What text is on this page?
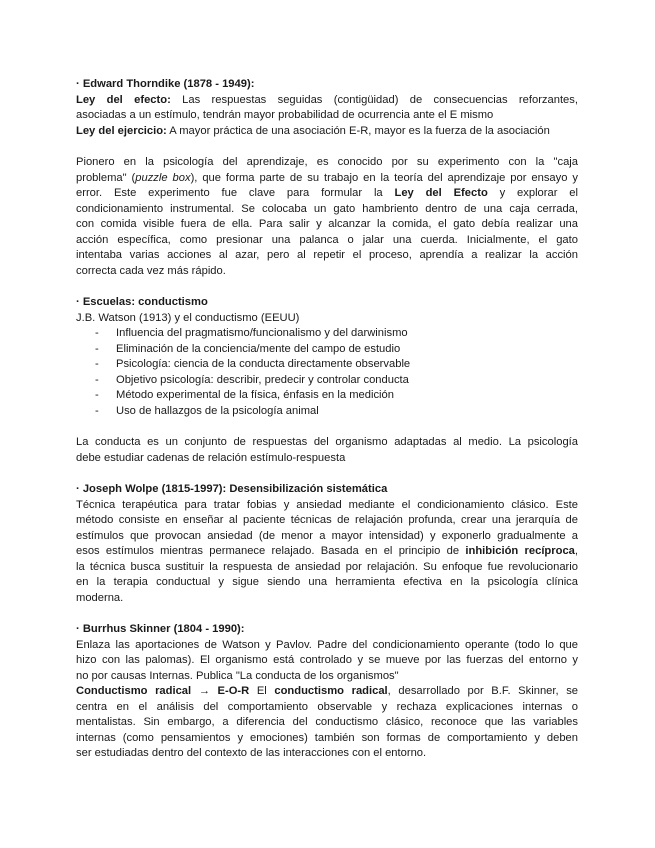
· Edward Thorndike (1878 - 1949):
Ley del efecto: Las respuestas seguidas (contigüidad) de consecuencias reforzantes,
asociadas a un estímulo, tendrán mayor probabilidad de ocurrencia ante el E mismo
Ley del ejercicio: A mayor práctica de una asociación E-R, mayor es la fuerza de la asociación
Pionero en la psicología del aprendizaje, es conocido por su experimento con la "caja
problema" (puzzle box), que forma parte de su trabajo en la teoría del aprendizaje por ensayo y
error. Este experimento fue clave para formular la Ley del Efecto y explorar el
condicionamiento instrumental. Se colocaba un gato hambriento dentro de una caja cerrada,
con comida visible fuera de ella. Para salir y alcanzar la comida, el gato debía realizar una
acción específica, como presionar una palanca o jalar una cuerda. Inicialmente, el gato
intentaba varias acciones al azar, pero al repetir el proceso, aprendía a realizar la acción
correcta cada vez más rápido.
· Escuelas: conductismo
J.B. Watson (1913) y el conductismo (EEUU)
- Influencia del pragmatismo/funcionalismo y del darwinismo
- Eliminación de la conciencia/mente del campo de estudio
- Psicología: ciencia de la conducta directamente observable
- Objetivo psicología: describir, predecir y controlar conducta
- Método experimental de la física, énfasis en la medición
- Uso de hallazgos de la psicología animal
La conducta es un conjunto de respuestas del organismo adaptadas al medio. La psicología
debe estudiar cadenas de relación estímulo-respuesta
· Joseph Wolpe (1815-1997): Desensibilización sistemática
Técnica terapéutica para tratar fobias y ansiedad mediante el condicionamiento clásico. Este
método consiste en enseñar al paciente técnicas de relajación profunda, crear una jerarquía de
estímulos que provocan ansiedad (de menor a mayor intensidad) y exponerlo gradualmente a
esos estímulos mientras permanece relajado. Basada en el principio de inhibición recíproca,
la técnica busca sustituir la respuesta de ansiedad por relajación. Su enfoque fue revolucionario
en la terapia conductual y sigue siendo una herramienta efectiva en la psicología clínica
moderna.
· Burrhus Skinner (1804 - 1990):
Enlaza las aportaciones de Watson y Pavlov. Padre del condicionamiento operante (todo lo que
hizo con las palomas). El organismo está controlado y se mueve por las fuerzas del entorno y
no por causas Internas. Publica "La conducta de los organismos"
Conductismo radical → E-O-R El conductismo radical, desarrollado por B.F. Skinner, se
centra en el análisis del comportamiento observable y rechaza explicaciones internas o
mentalistas. Sin embargo, a diferencia del conductismo clásico, reconoce que las variables
internas (como pensamientos y emociones) también son formas de comportamiento y deben
ser estudiadas dentro del contexto de las interacciones con el entorno.
